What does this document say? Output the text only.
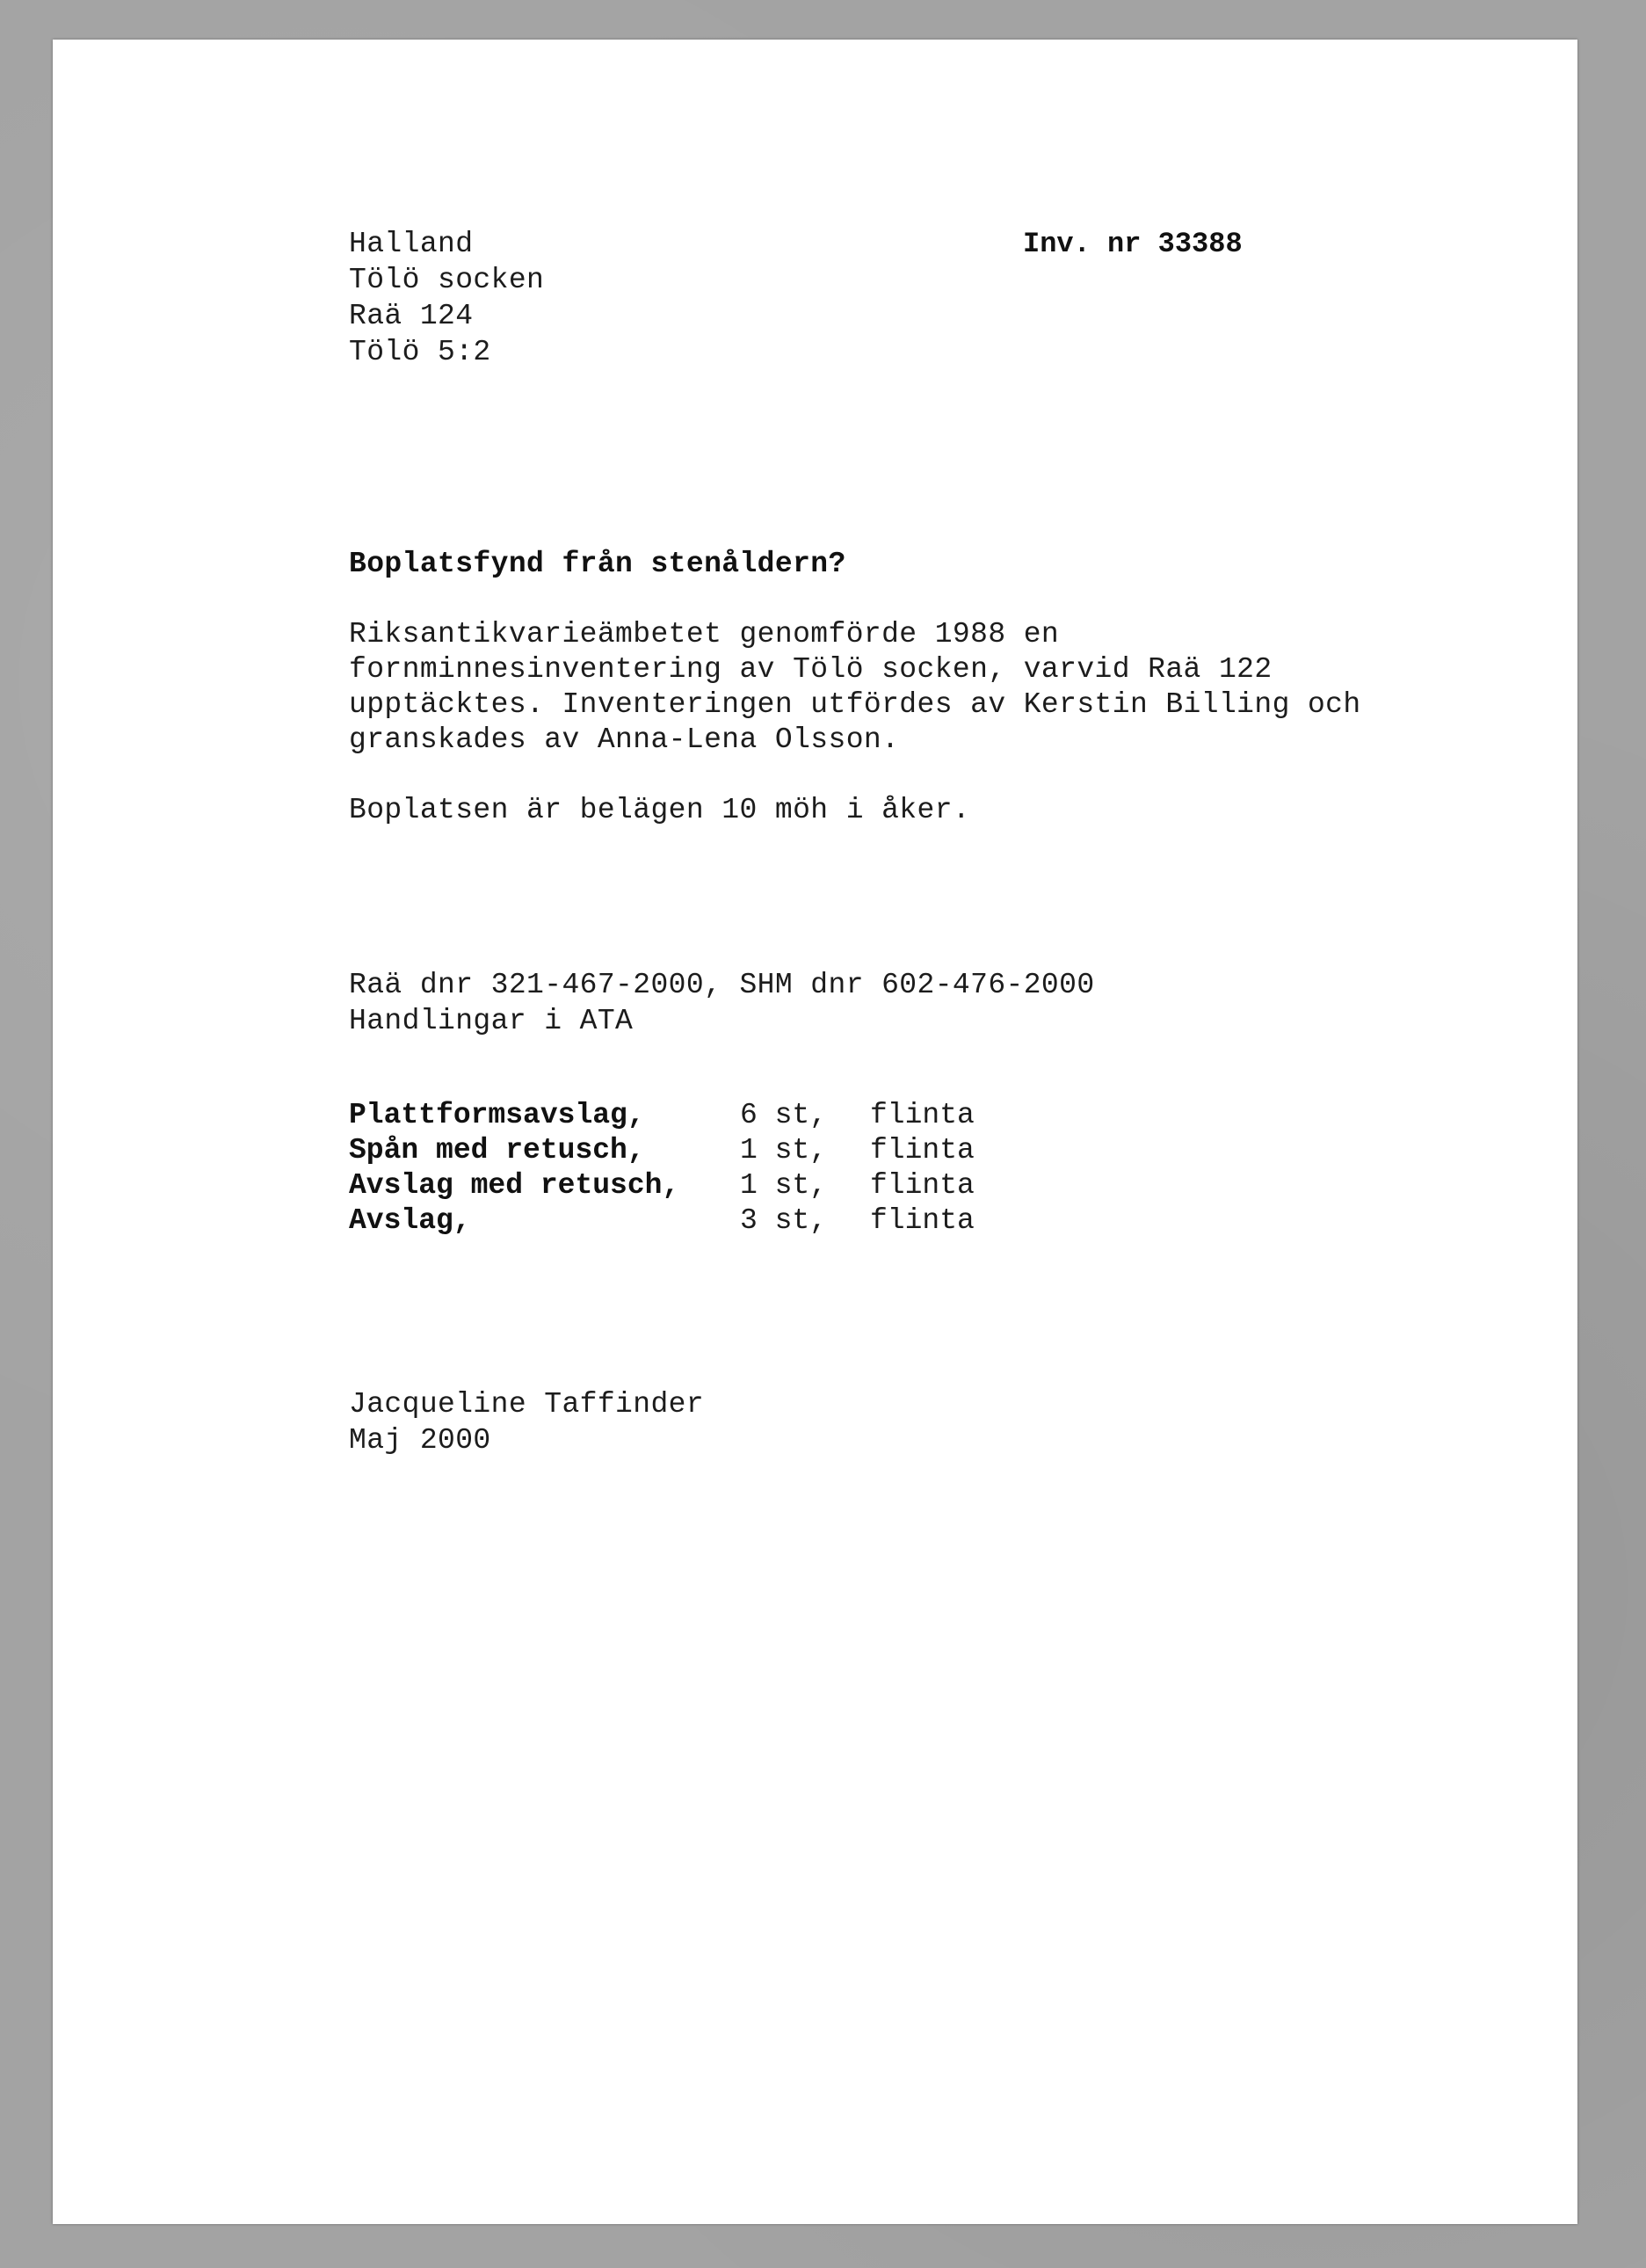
Halland

Tölö socken

Raä 124

Tölö 5:2

Inv. nr 33388

Boplatsfynd från stenåldern?

Riksantikvarieämbetet genomförde 1988 en

fornminnesinventering av Tölö socken, varvid Raä 122

upptäcktes. Inventeringen utfördes av Kerstin Billing och

granskades av Anna-Lena Olsson.

Boplatsen är belägen 10 möh i åker.

Raä dnr 321-467-2000, SHM dnr 602-476-2000

Handlingar i ATA

Plattformsavslag,	6 st, flinta
Spån med retusch,	1 st, flinta
Avslag med retusch, 1 st, flinta
Avslag,	3 st, flinta

Jacqueline Taffinder

Maj 2000
